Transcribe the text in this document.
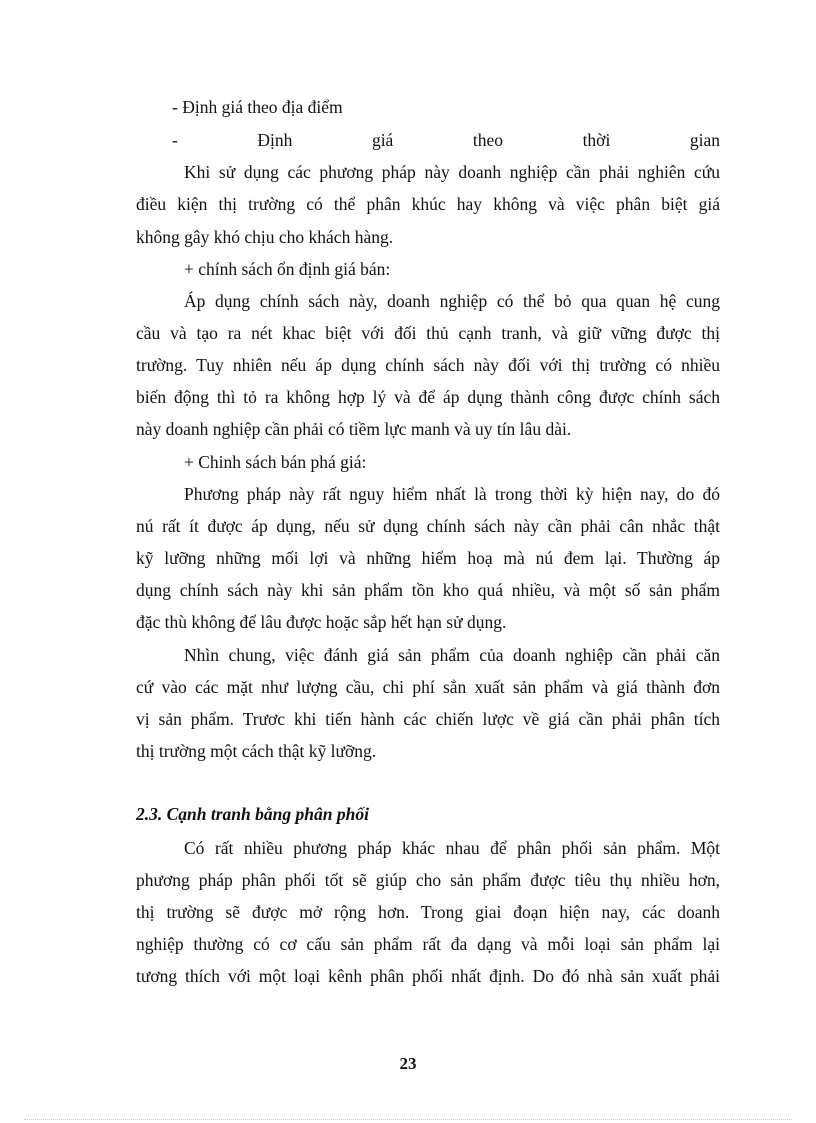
- Định giá theo địa điểm
- Định giá theo thời gian
Khi sử dụng các phương pháp này doanh nghiệp cần phải nghiên cứu
điều kiện thị trường có thể phân khúc hay không và việc phân biệt giá
không gây khó chịu cho khách hàng.
+ chính sách ổn định giá bán:
Áp dụng chính sách này, doanh nghiệp có thể bỏ qua quan hệ cung
cầu và tạo ra nét khac biệt với đối thủ cạnh tranh, và giữ vững được thị
trường. Tuy nhiên nếu áp dụng chính sách này đối với thị trường có nhiều
biến động thì tỏ ra không hợp lý và để áp dụng thành công được chính sách
này doanh nghiệp cần phải có tiềm lực manh và uy tín lâu dài.
+ Chinh sách bán phá giá:
Phương pháp này rất nguy hiểm nhất là trong thời kỳ hiện nay, do đó
nú rất ít được áp dụng, nếu sử dụng chính sách này cần phải cân nhắc thật
kỹ lưỡng những mối lợi và những hiểm hoạ mà nú đem lại. Thường áp
dụng chính sách này khi sản phẩm tồn kho quá nhiều, và một số sản phẩm
đặc thù không để lâu được hoặc sắp hết hạn sử dụng.
Nhìn chung, việc đánh giá sản phẩm của doanh nghiệp cần phải căn
cứ vào các mặt như lượng cầu, chi phí sẳn xuất sản phẩm và giá thành đơn
vị sản phẩm. Trươc khi tiến hành các chiến lược về giá cần phải phân tích
thị trường một cách thật kỹ lưỡng.
2.3. Cạnh tranh bằng phân phối
Có rất nhiều phương pháp khác nhau để phân phối sản phẩm. Một
phương pháp phân phối tốt sẽ giúp cho sản phẩm được tiêu thụ nhiều hơn,
thị trường sẽ được mở rộng hơn. Trong giai đoạn hiện nay, các doanh
nghiệp thường có cơ cấu sản phẩm rất đa dạng và mỗi loại sản phẩm lại
tương thích với một loại kênh phân phối nhất định. Do đó nhà sản xuất phải
23
